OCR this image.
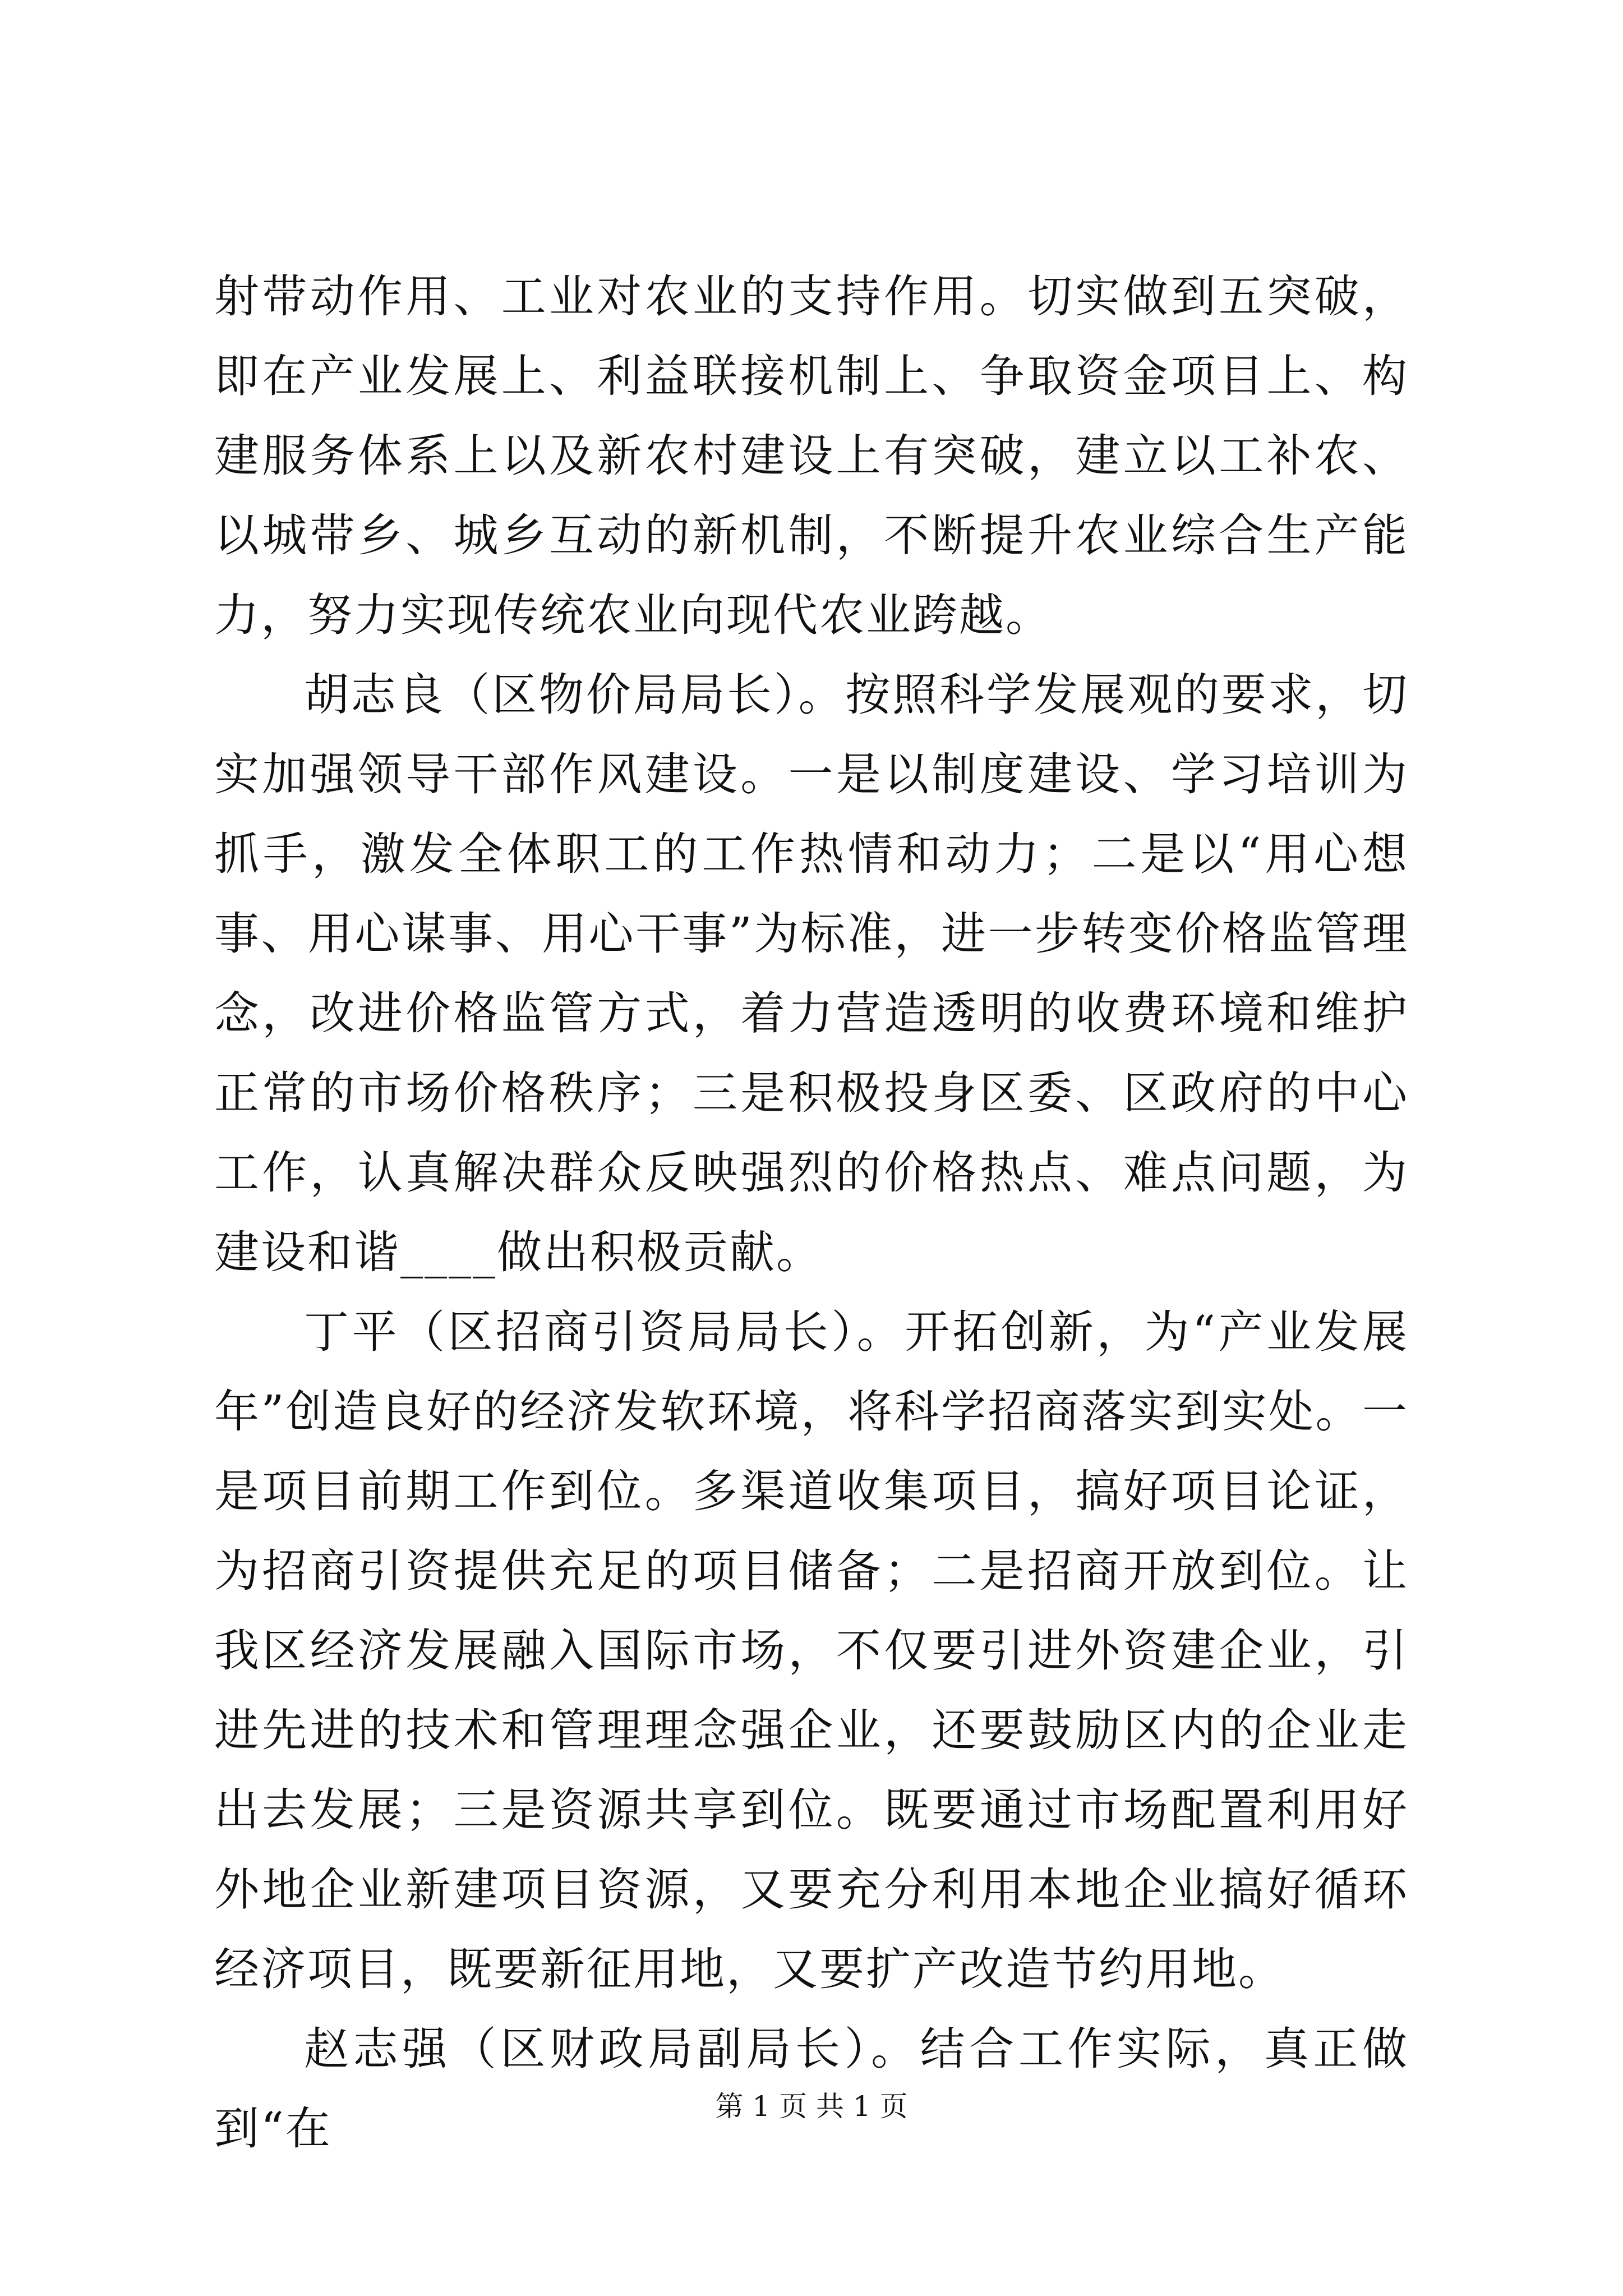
射带动作用、工业对农业的支持作用。切实做到五突破，即在产业发展上、利益联接机制上、争取资金项目上、构建服务体系上以及新农村建设上有突破，建立以工补农、以城带乡、城乡互动的新机制，不断提升农业综合生产能力，努力实现传统农业向现代农业跨越。

胡志良（区物价局局长）。按照科学发展观的要求，切实加强领导干部作风建设。一是以制度建设、学习培训为抓手，激发全体职工的工作热情和动力；二是以“用心想事、用心谋事、用心干事”为标准，进一步转变价格监管理念，改进价格监管方式，着力营造透明的收费环境和维护正常的市场价格秩序；三是积极投身区委、区政府的中心工作，认真解决群众反映强烈的价格热点、难点问题，为建设和谐____做出积极贡献。

丁平（区招商引资局局长）。开拓创新，为“产业发展年”创造良好的经济发软环境，将科学招商落实到实处。一是项目前期工作到位。多渠道收集项目，搞好项目论证，为招商引资提供充足的项目储备；二是招商开放到位。让我区经济发展融入国际市场，不仅要引进外资建企业，引进先进的技术和管理理念强企业，还要鼓励区内的企业走出去发展；三是资源共享到位。既要通过市场配置利用好外地企业新建项目资源，又要充分利用本地企业搞好循环经济项目，既要新征用地，又要扩产改造节约用地。

赵志强（区财政局副局长）。结合工作实际，真正做到“在	第 1 页 共 1 页
